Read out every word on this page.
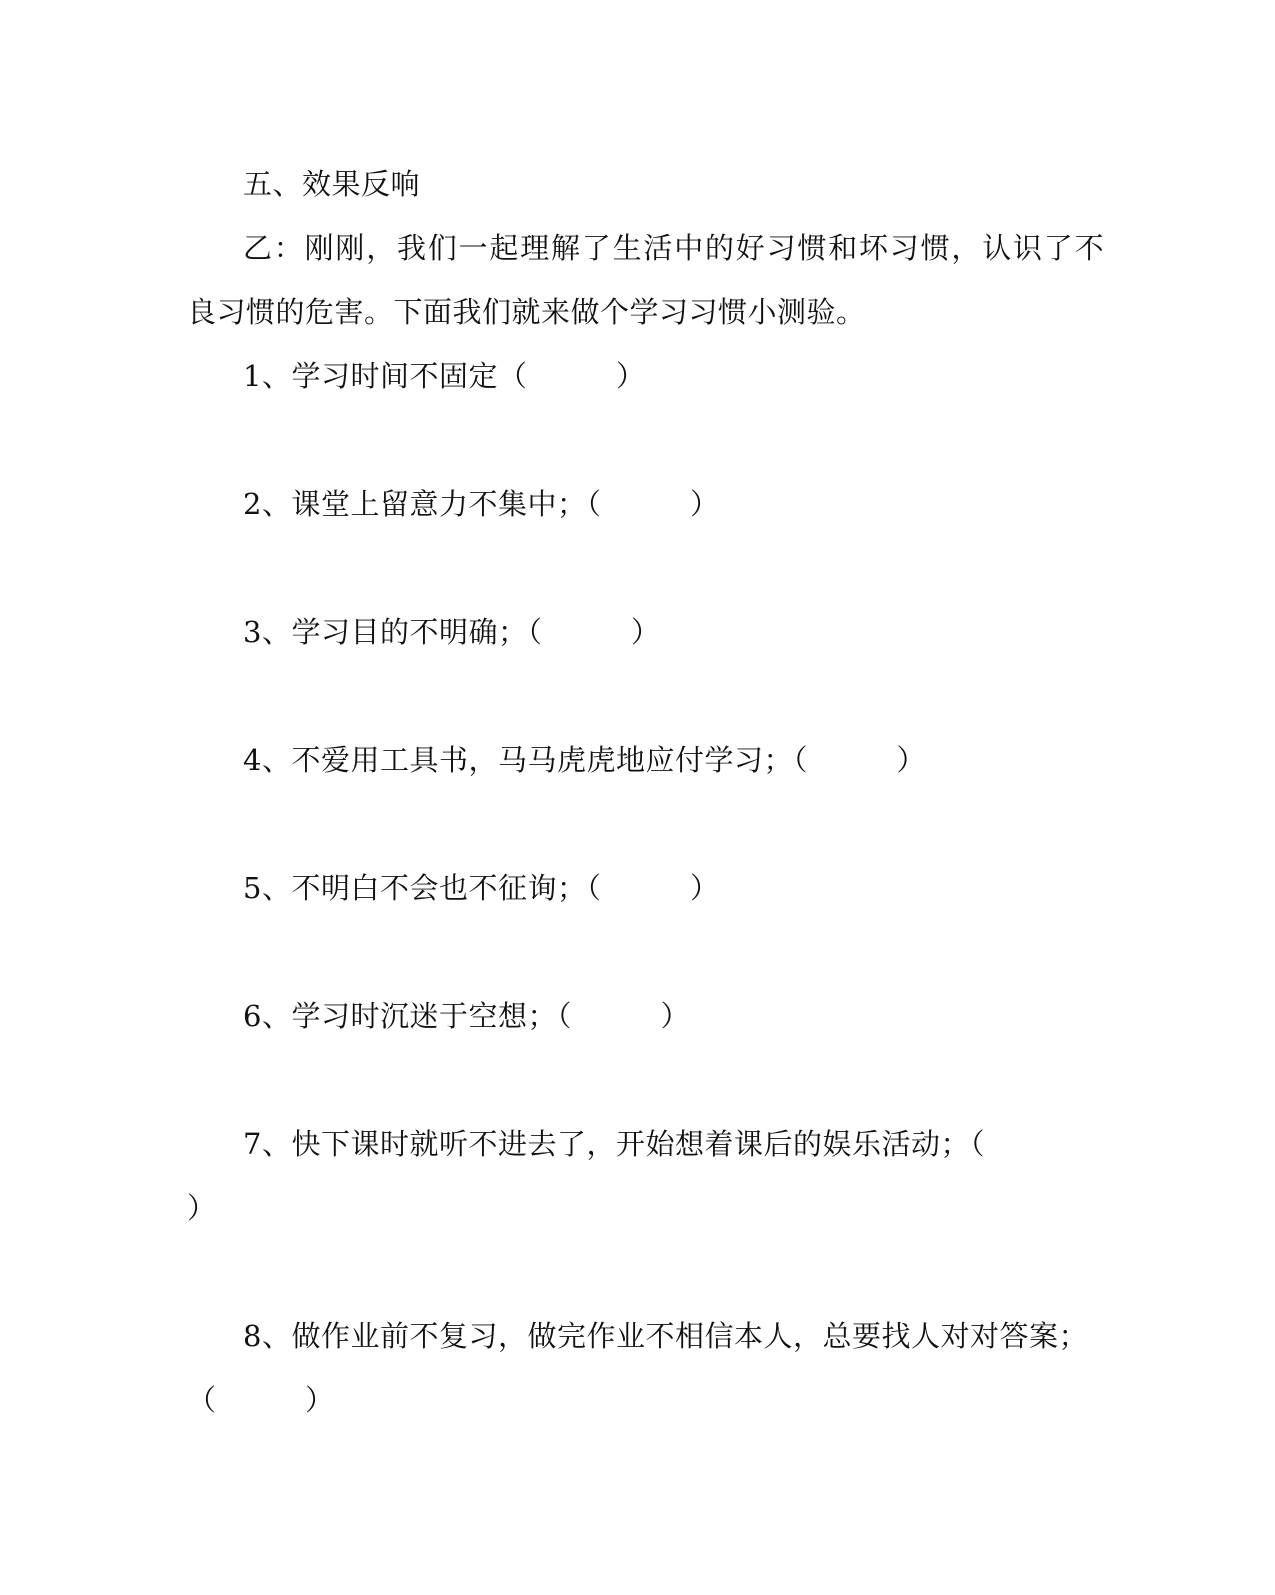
五、效果反响
乙：刚刚，我们一起理解了生活中的好习惯和坏习惯，认识了不
良习惯的危害。下面我们就来做个学习习惯小测验。
1、学习时间不固定（　　　）
2、课堂上留意力不集中；（　　　）
3、学习目的不明确；（　　　）
4、不爱用工具书，马马虎虎地应付学习；（　　　）
5、不明白不会也不征询；（　　　）
6、学习时沉迷于空想；（　　　）
7、快下课时就听不进去了，开始想着课后的娱乐活动；（
）
8、做作业前不复习，做完作业不相信本人，总要找人对对答案；
（　　　）
